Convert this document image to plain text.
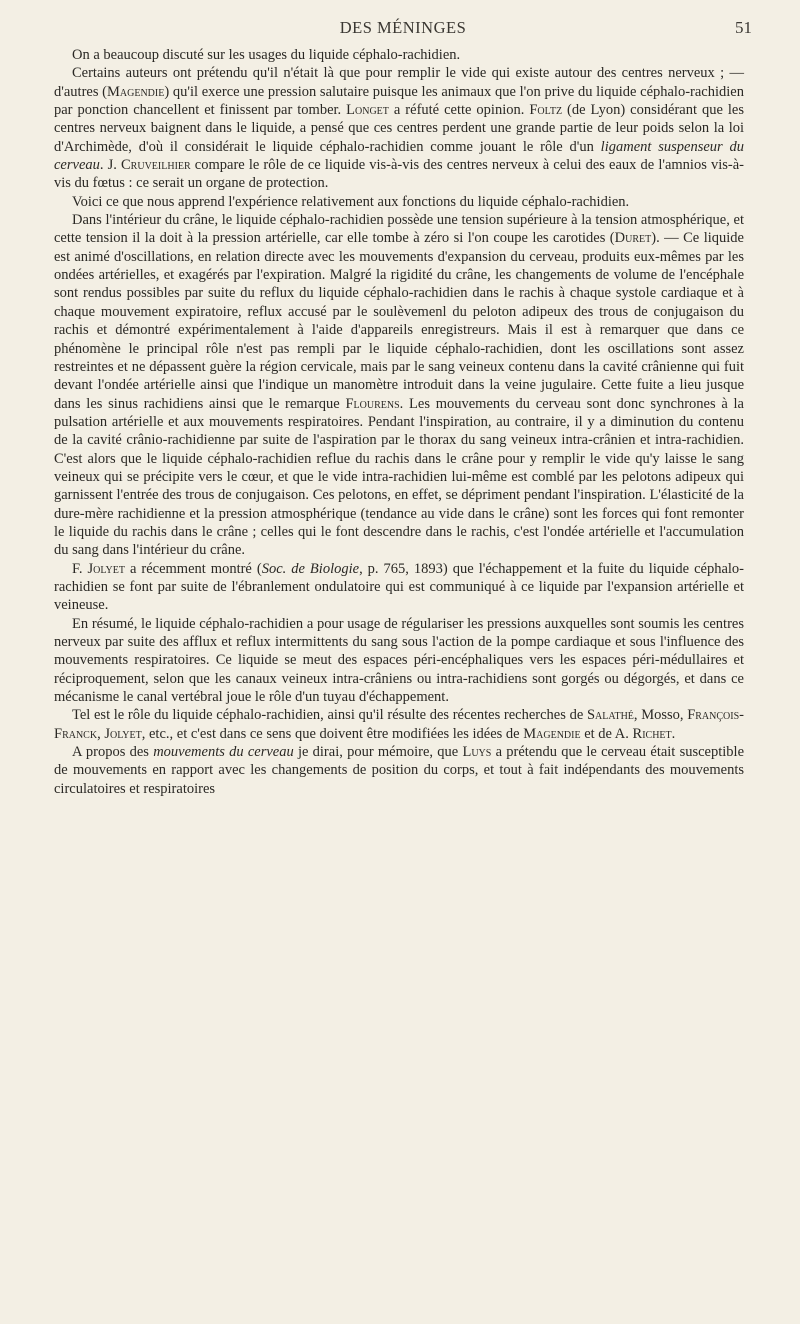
DES MÉNINGES	51

On a beaucoup discuté sur les usages du liquide céphalo-rachidien.

Certains auteurs ont prétendu qu'il n'était là que pour remplir le vide qui existe autour des centres nerveux ; — d'autres (Magendie) qu'il exerce une pression salutaire puisque les animaux que l'on prive du liquide céphalo-rachidien par ponction chancellent et finissent par tomber. Longet a réfuté cette opinion. Foltz (de Lyon) considérant que les centres nerveux baignent dans le liquide, a pensé que ces centres perdent une grande partie de leur poids selon la loi d'Archimède, d'où il considérait le liquide céphalo-rachidien comme jouant le rôle d'un ligament suspenseur du cerveau. J. Cruveilhier compare le rôle de ce liquide vis-à-vis des centres nerveux à celui des eaux de l'amnios vis-à-vis du fœtus : ce serait un organe de protection.

Voici ce que nous apprend l'expérience relativement aux fonctions du liquide céphalo-rachidien.

Dans l'intérieur du crâne, le liquide céphalo-rachidien possède une tension supérieure à la tension atmosphérique, et cette tension il la doit à la pression artérielle, car elle tombe à zéro si l'on coupe les carotides (Duret). — Ce liquide est animé d'oscillations, en relation directe avec les mouvements d'expansion du cerveau, produits eux-mêmes par les ondées artérielles, et exagérés par l'expiration. Malgré la rigidité du crâne, les changements de volume de l'encéphale sont rendus possibles par suite du reflux du liquide céphalo-rachidien dans le rachis à chaque systole cardiaque et à chaque mouvement expiratoire, reflux accusé par le soulèvemenl du peloton adipeux des trous de conjugaison du rachis et démontré expérimentalement à l'aide d'appareils enregistreurs. Mais il est à remarquer que dans ce phénomène le principal rôle n'est pas rempli par le liquide céphalo-rachidien, dont les oscillations sont assez restreintes et ne dépassent guère la région cervicale, mais par le sang veineux contenu dans la cavité crânienne qui fuit devant l'ondée artérielle ainsi que l'indique un manomètre introduit dans la veine jugulaire. Cette fuite a lieu jusque dans les sinus rachidiens ainsi que le remarque Flourens. Les mouvements du cerveau sont donc synchrones à la pulsation artérielle et aux mouvements respiratoires. Pendant l'inspiration, au contraire, il y a diminution du contenu de la cavité crânio-rachidienne par suite de l'aspiration par le thorax du sang veineux intra-crânien et intra-rachidien. C'est alors que le liquide céphalo-rachidien reflue du rachis dans le crâne pour y remplir le vide qu'y laisse le sang veineux qui se précipite vers le cœur, et que le vide intra-rachidien lui-même est comblé par les pelotons adipeux qui garnissent l'entrée des trous de conjugaison. Ces pelotons, en effet, se dépriment pendant l'inspiration. L'élasticité de la dure-mère rachidienne et la pression atmosphérique (tendance au vide dans le crâne) sont les forces qui font remonter le liquide du rachis dans le crâne ; celles qui le font descendre dans le rachis, c'est l'ondée artérielle et l'accumulation du sang dans l'intérieur du crâne.

F. Jolyet a récemment montré (Soc. de Biologie, p. 765, 1893) que l'échappement et la fuite du liquide céphalo-rachidien se font par suite de l'ébranlement ondulatoire qui est communiqué à ce liquide par l'expansion artérielle et veineuse.

En résumé, le liquide céphalo-rachidien a pour usage de régulariser les pressions auxquelles sont soumis les centres nerveux par suite des afflux et reflux intermittents du sang sous l'action de la pompe cardiaque et sous l'influence des mouvements respiratoires. Ce liquide se meut des espaces péri-encéphaliques vers les espaces péri-médullaires et réciproquement, selon que les canaux veineux intra-crâniens ou intra-rachidiens sont gorgés ou dégorgés, et dans ce mécanisme le canal vertébral joue le rôle d'un tuyau d'échappement.

Tel est le rôle du liquide céphalo-rachidien, ainsi qu'il résulte des récentes recherches de Salathé, Mosso, François-Franck, Jolyet, etc., et c'est dans ce sens que doivent être modifiées les idées de Magendie et de A. Richet.

A propos des mouvements du cerveau je dirai, pour mémoire, que Luys a prétendu que le cerveau était susceptible de mouvements en rapport avec les changements de position du corps, et tout à fait indépendants des mouvements circulatoires et respiratoires
